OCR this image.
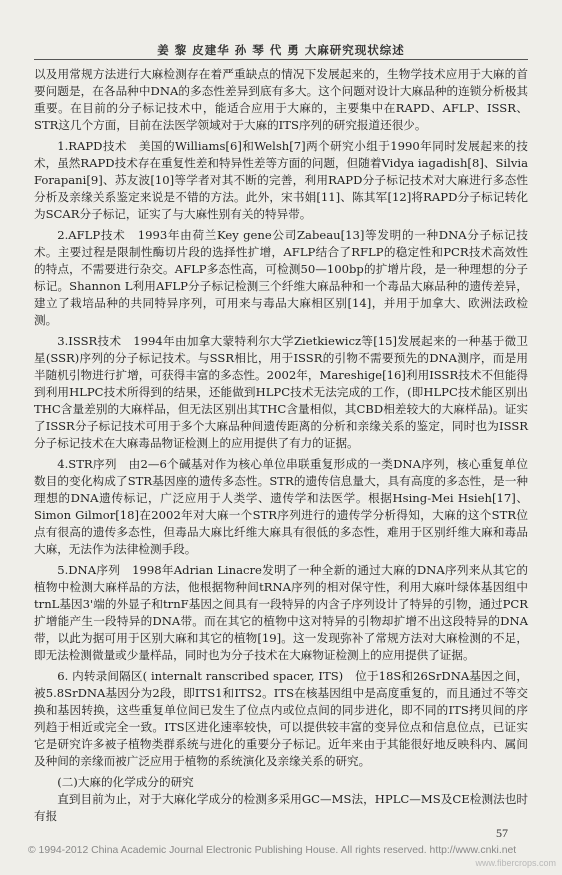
姜 黎 皮建华 孙 琴 代 勇 大麻研究现状综述

以及用常规方法进行大麻检测存在着严重缺点的情况下发展起来的，生物学技术应用于大麻的首要问题是，在各品种中DNA的多态性差异到底有多大。这个问题对设计大麻品种的连锁分析极其重要。在目前的分子标记技术中，能适合应用于大麻的，主要集中在RAPD、AFLP、ISSR、STR这几个方面，目前在法医学领域对于大麻的ITS序列的研究报道还很少。

1.RAPD技术　美国的Williams[6]和Welsh[7]两个研究小组于1990年同时发展起来的技术，虽然RAPD技术存在重复性差和特异性差等方面的问题，但随着Vidya iagadish[8]、Silvia Forapani[9]、苏友波[10]等学者对其不断的完善，利用RAPD分子标记技术对大麻进行多态性分析及亲缘关系鉴定来说是不错的方法。此外，宋书娟[11]、陈其军[12]将RAPD分子标记转化为SCAR分子标记，证实了与大麻性别有关的特异带。

2.AFLP技术　1993年由荷兰Key gene公司Zabeau[13]等发明的一种DNA分子标记技术。主要过程是限制性酶切片段的选择性扩增，AFLP结合了RFLP的稳定性和PCR技术高效性的特点，不需要进行杂交。AFLP多态性高，可检测50—100bp的扩增片段，是一种理想的分子标记。Shannon L利用AFLP分子标记检测三个纤维大麻品种和一个毒品大麻品种的遗传差异，建立了栽培品种的共同特异序列，可用来与毒品大麻相区别[14]，并用于加拿大、欧洲法政检测。

3.ISSR技术　1994年由加拿大蒙特利尔大学Zietkiewicz等[15]发展起来的一种基于微卫星(SSR)序列的分子标记技术。与SSR相比，用于ISSR的引物不需要预先的DNA测序，而是用半随机引物进行扩增，可获得丰富的多态性。2002年，Mareshige[16]利用ISSR技术不但能得到利用HLPC技术所得到的结果，还能做到HLPC技术无法完成的工作，(即HLPC技术能区别出THC含量差别的大麻样品，但无法区别出其THC含量相似，其CBD相差较大的大麻样品)。证实了ISSR分子标记技术可用于多个大麻品种间遗传距离的分析和亲缘关系的鉴定，同时也为ISSR分子标记技术在大麻毒品物证检测上的应用提供了有力的证据。

4.STR序列　由2—6个碱基对作为核心单位串联重复形成的一类DNA序列，核心重复单位数目的变化构成了STR基因座的遗传多态性。STR的遗传信息量大，具有高度的多态性，是一种理想的DNA遗传标记，广泛应用于人类学、遗传学和法医学。根据Hsing-Mei Hsieh[17]、Simon Gilmor[18]在2002年对大麻一个STR序列进行的遗传学分析得知，大麻的这个STR位点有很高的遗传多态性，但毒品大麻比纤维大麻具有很低的多态性，难用于区别纤维大麻和毒品大麻，无法作为法律检测手段。

5.DNA序列　1998年Adrian Linacre发明了一种全新的通过大麻的DNA序列来从其它的植物中检测大麻样品的方法，他根据物种间tRNA序列的相对保守性，利用大麻叶绿体基因组中trnL基因3'端的外显子和trnF基因之间具有一段特异的内含子序列设计了特异的引物，通过PCR扩增能产生一段特异的DNA带。而在其它的植物中这对特异的引物却扩增不出这段特异的DNA带，以此为据可用于区别大麻和其它的植物[19]。这一发现弥补了常规方法对大麻检测的不足，即无法检测微量或少量样品，同时也为分子技术在大麻物证检测上的应用提供了证据。

6. 内转录间隔区( internalt ranscribed spacer, ITS)　位于18S和26SrDNA基因之间，被5.8SrDNA基因分为2段，即ITS1和ITS2。ITS在核基因组中是高度重复的，而且通过不等交换和基因转换，这些重复单位间已发生了位点内或位点间的同步进化，即不同的ITS拷贝间的序列趋于相近或完全一致。ITS区进化速率较快，可以提供较丰富的变异位点和信息位点，已证实它是研究许多被子植物类群系统与进化的重要分子标记。近年来由于其能很好地反映科内、属间及种间的亲缘而被广泛应用于植物的系统演化及亲缘关系的研究。

(二)大麻的化学成分的研究

直到目前为止，对于大麻化学成分的检测多采用GC—MS法，HPLC—MS及CE检测法也时有报

57
© 1994-2012 China Academic Journal Electronic Publishing House. All rights reserved. http://www.cnki.net
www.fibercrops.com
